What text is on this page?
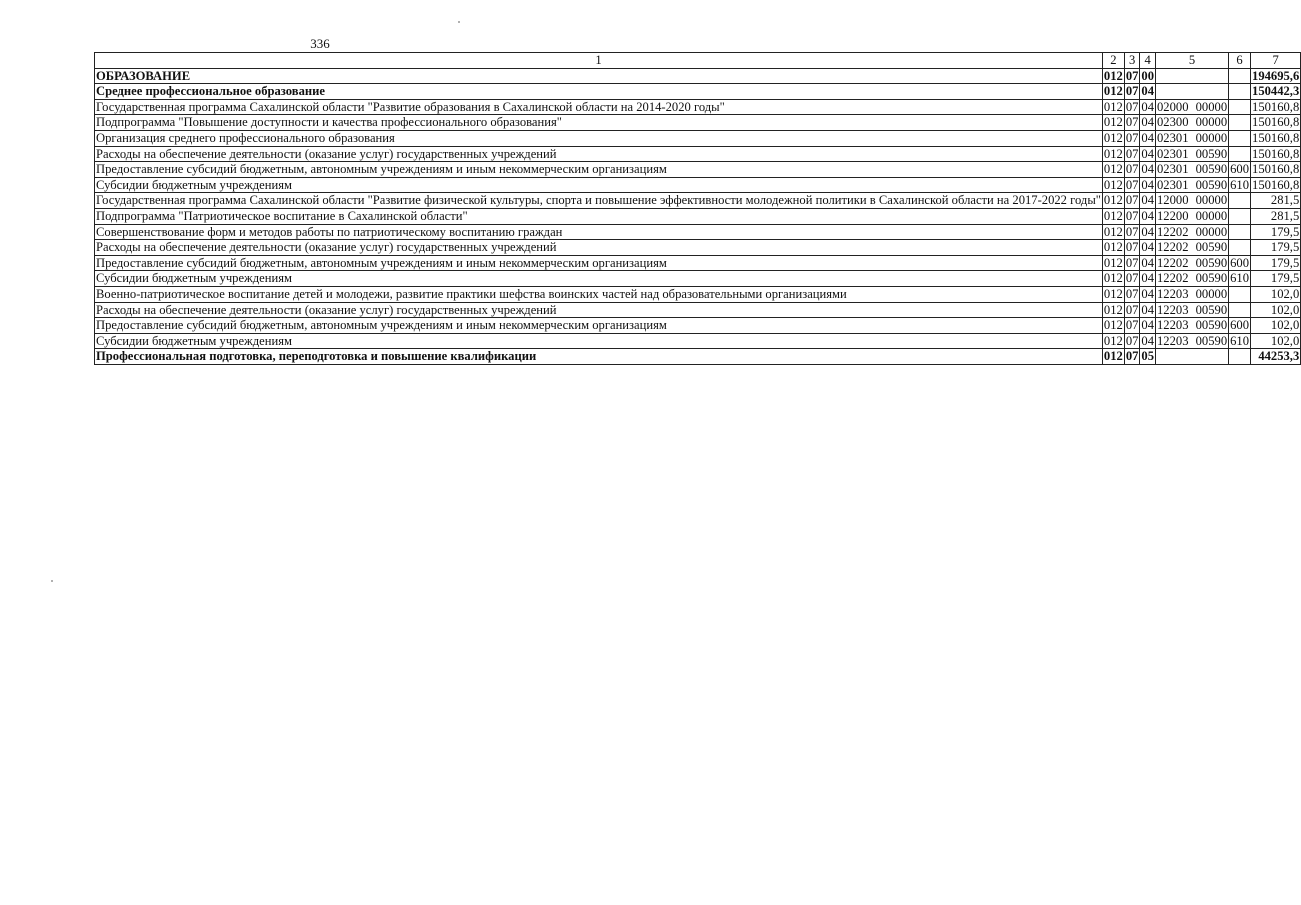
336
1	2	3	4	5	6	7
ОБРАЗОВАНИЕ	012	07	00			194695,6
Среднее профессиональное образование	012	07	04			150442,3
Государственная программа Сахалинской области "Развитие образования в Сахалинской области на 2014-2020 годы"	012	07	04	02000 00000		150160,8
Подпрограмма "Повышение доступности и качества профессионального образования"	012	07	04	02300 00000		150160,8
Организация среднего профессионального образования	012	07	04	02301 00000		150160,8
Расходы на обеспечение деятельности (оказание услуг) государственных учреждений	012	07	04	02301 00590		150160,8
Предоставление субсидий бюджетным, автономным учреждениям и иным некоммерческим организациям	012	07	04	02301 00590	600	150160,8
Субсидии бюджетным учреждениям	012	07	04	02301 00590	610	150160,8
Государственная программа Сахалинской области "Развитие физической культуры, спорта и повышение эффективности молодежной политики в Сахалинской области на 2017-2022 годы"	012	07	04	12000 00000		281,5
Подпрограмма "Патриотическое воспитание в Сахалинской области"	012	07	04	12200 00000		281,5
Совершенствование форм и методов работы по патриотическому воспитанию граждан	012	07	04	12202 00000		179,5
Расходы на обеспечение деятельности (оказание услуг) государственных учреждений	012	07	04	12202 00590		179,5
Предоставление субсидий бюджетным, автономным учреждениям и иным некоммерческим организациям	012	07	04	12202 00590	600	179,5
Субсидии бюджетным учреждениям	012	07	04	12202 00590	610	179,5
Военно-патриотическое воспитание детей и молодежи, развитие практики шефства воинских частей над образовательными организациями	012	07	04	12203 00000		102,0
Расходы на обеспечение деятельности (оказание услуг) государственных учреждений	012	07	04	12203 00590		102,0
Предоставление субсидий бюджетным, автономным учреждениям и иным некоммерческим организациям	012	07	04	12203 00590	600	102,0
Субсидии бюджетным учреждениям	012	07	04	12203 00590	610	102,0
Профессиональная подготовка, переподготовка и повышение квалификации	012	07	05			44253,3
